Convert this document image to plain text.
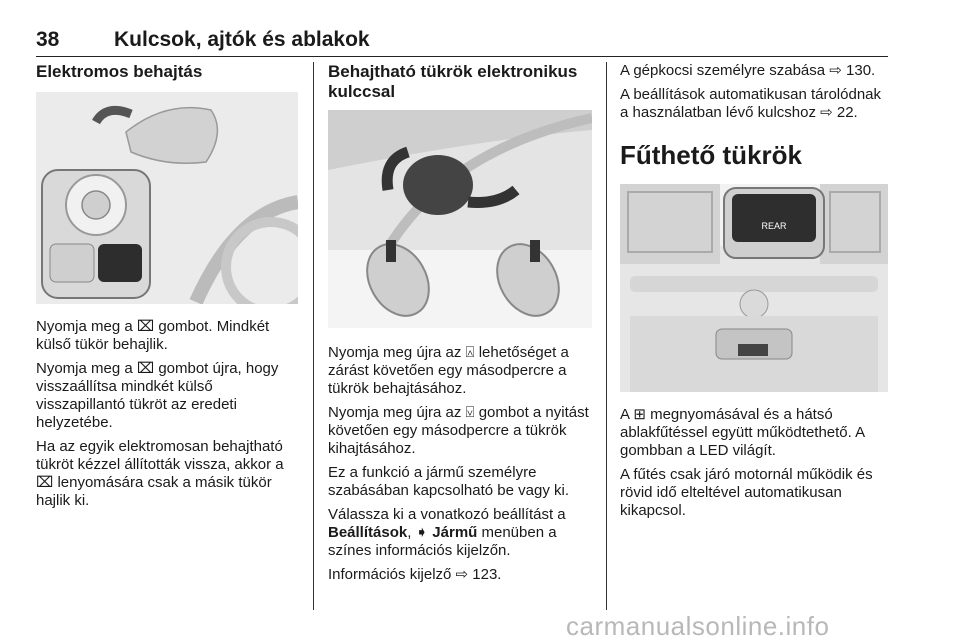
38	Kulcsok, ajtók és ablakok
Elektromos behajtás

Nyomja meg a ⌧ gombot. Mindkét külső tükör behajlik.

Nyomja meg a ⌧ gombot újra, hogy visszaállítsa mindkét külső visszapillantó tükröt az eredeti helyzetébe.

Ha az egyik elektromosan behajtható tükröt kézzel állították vissza, akkor a ⌧ lenyomására csak a másik tükör hajlik ki.

Behajtható tükrök elektronikus kulccsal

Nyomja meg újra az ⍓ lehetőséget a zárást követően egy másodpercre a tükrök behajtásához.

Nyomja meg újra az ⍌ gombot a nyitást követően egy másodpercre a tükrök kihajtásához.

Ez a funkció a jármű személyre szabásában kapcsolható be vagy ki.

Válassza ki a vonatkozó beállítást a Beállítások, ➧ Jármű menüben a színes információs kijelzőn.

Információs kijelző ⇨ 123.

A gépkocsi személyre szabása ⇨ 130.

A beállítások automatikusan tárolódnak a használatban lévő kulcshoz ⇨ 22.

Fűthető tükrök
REAR

A ⊞ megnyomásával és a hátsó ablakfűtéssel együtt működtethető. A gombban a LED világít.

A fűtés csak járó motornál működik és rövid idő elteltével automatikusan kikapcsol.

carmanualsonline.info
